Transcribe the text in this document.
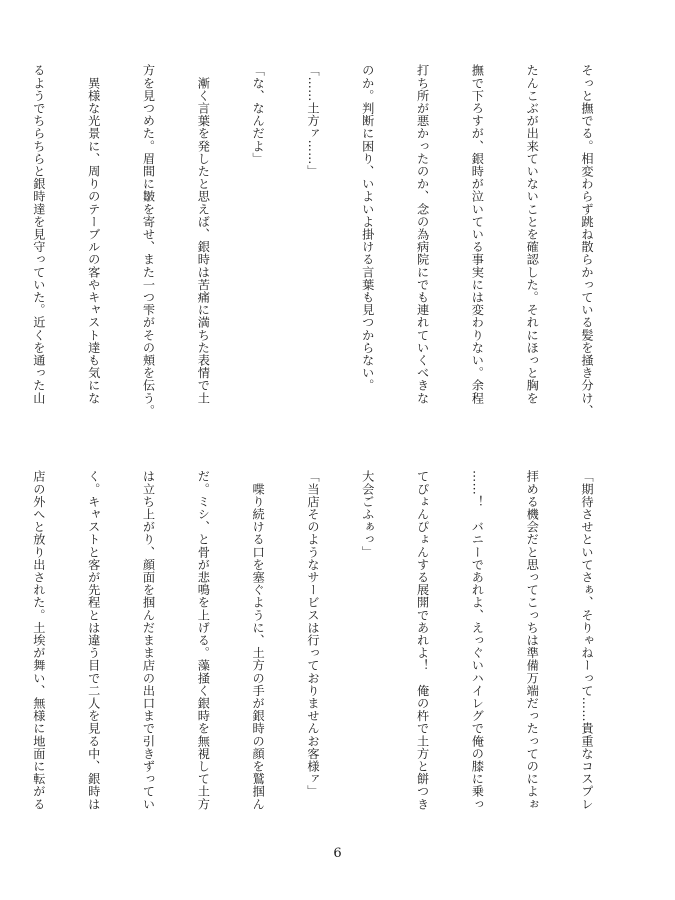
そっと撫でる。相変わらず跳ね散らかっている髪を掻き分け、

たんこぶが出来ていないことを確認した。それにほっと胸を

撫で下ろすが、銀時が泣いている事実には変わりない。余程

打ち所が悪かったのか、念の為病院にでも連れていくべきな

のか。判断に困り、いよいよ掛ける言葉も見つからない。

「……土方ァ……」

「な、なんだよ」

　漸く言葉を発したと思えば、銀時は苦痛に満ちた表情で土

方を見つめた。眉間に皺を寄せ、また一つ雫がその頬を伝う。

　異様な光景に、周りのテーブルの客やキャスト達も気にな

るようでちらちらと銀時達を見守っていた。近くを通った山

「期待させといてさぁ、そりゃねーって……貴重なコスプレ

拝める機会だと思ってこっちは準備万端だったってのによぉ

……！　バニーであれよ、えっぐいハイレグで俺の膝に乗っ

てぴょんぴょんする展開であれよ！　俺の杵で土方と餅つき

大会ごふぁっ」

「当店そのようなサービスは行っておりませんお客様ァ」

　喋り続ける口を塞ぐように、土方の手が銀時の顔を鷲掴ん

だ。ミシ、と骨が悲鳴を上げる。藻掻く銀時を無視して土方

は立ち上がり、顔面を掴んだまま店の出口まで引きずってい

く。キャストと客が先程とは違う目で二人を見る中、銀時は

店の外へと放り出された。土埃が舞い、無様に地面に転がる

6
